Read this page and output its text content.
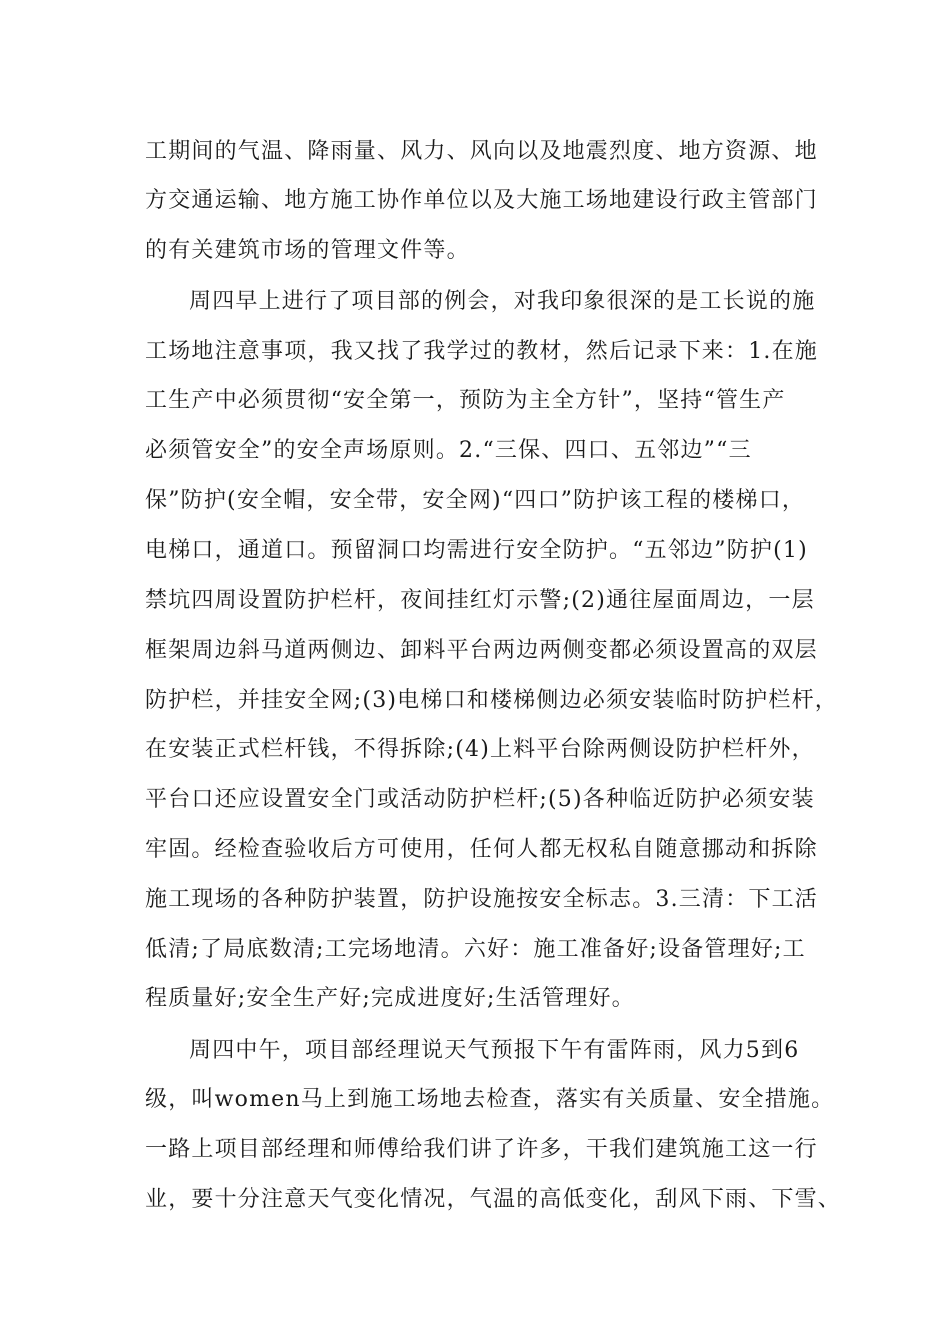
工期间的气温、降雨量、风力、风向以及地震烈度、地方资源、地

方交通运输、地方施工协作单位以及大施工场地建设行政主管部门

的有关建筑市场的管理文件等。

周四早上进行了项目部的例会，对我印象很深的是工长说的施

工场地注意事项，我又找了我学过的教材，然后记录下来：1.在施

工生产中必须贯彻“安全第一，预防为主全方针”，坚持“管生产

必须管安全”的安全声场原则。2.“三保、四口、五邻边”“三

保”防护(安全帽，安全带，安全网)“四口”防护该工程的楼梯口，

电梯口，通道口。预留洞口均需进行安全防护。“五邻边”防护(1)

禁坑四周设置防护栏杆，夜间挂红灯示警;(2)通往屋面周边，一层

框架周边斜马道两侧边、卸料平台两边两侧变都必须设置高的双层

防护栏，并挂安全网;(3)电梯口和楼梯侧边必须安装临时防护栏杆，

在安装正式栏杆钱，不得拆除;(4)上料平台除两侧设防护栏杆外，

平台口还应设置安全门或活动防护栏杆;(5)各种临近防护必须安装

牢固。经检查验收后方可使用，任何人都无权私自随意挪动和拆除

施工现场的各种防护装置，防护设施按安全标志。3.三清：下工活

低清;了局底数清;工完场地清。六好：施工准备好;设备管理好;工

程质量好;安全生产好;完成进度好;生活管理好。

周四中午，项目部经理说天气预报下午有雷阵雨，风力5到6

级，叫women马上到施工场地去检查，落实有关质量、安全措施。

一路上项目部经理和师傅给我们讲了许多，干我们建筑施工这一行

业，要十分注意天气变化情况，气温的高低变化，刮风下雨、下雪、
